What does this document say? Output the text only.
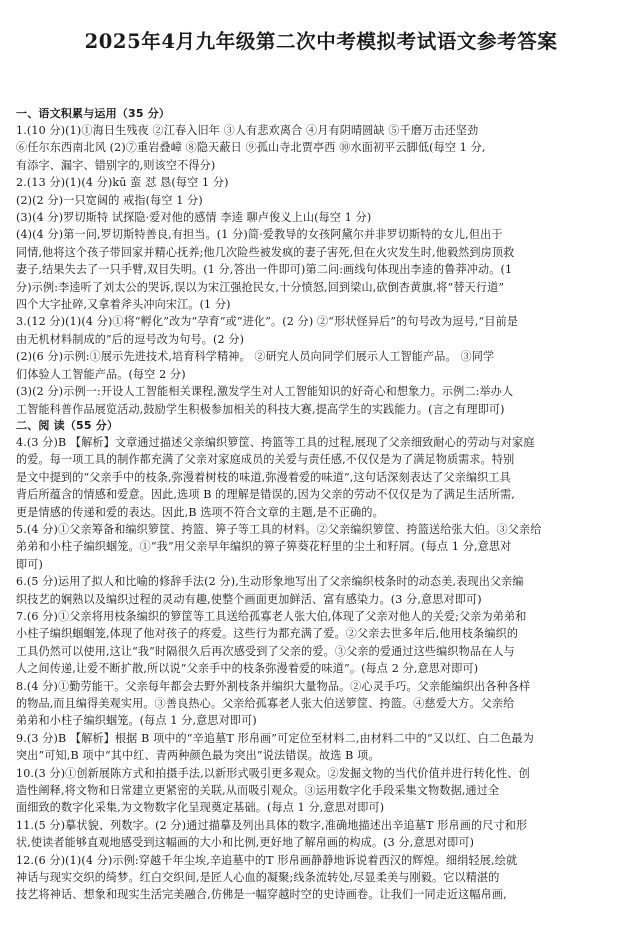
2025年4月九年级第二次中考模拟考试语文参考答案
一、语文积累与运用（35 分）
1.(10 分)(1)①海日生残夜 ②江春入旧年 ③人有悲欢离合 ④月有阴晴圆缺 ⑤千磨万击还坚劲
⑥任尔东西南北风 (2)⑦重岩叠嶂 ⑧隐天蔽日 ⑨孤山寺北贾亭西 ⑩水面初平云脚低(每空 1 分,
有添字、漏字、错别字的,则该空不得分)
2.(13 分)(1)(4 分)kū 蛮 怼 恳(每空 1 分)
(2)(2 分)一只宽阔的 戒指(每空 1 分)
(3)(4 分)罗切斯特 试探隐·爱对他的感情 李逵 聊卢俊义上山(每空 1 分)
(4)(4 分)第一问,罗切斯特善良,有担当。(1 分)简·爱教导的女孩阿黛尔并非罗切斯特的女儿,但出于
同情,他将这个孩子带回家并精心抚养;他几次险些被发疯的妻子害死,但在火灾发生时,他毅然到房顶救
妻子,结果失去了一只手臂,双目失明。(1 分,答出一件即可)第二问:画线句体现出李逵的鲁莽冲动。(1
分)示例:李逵听了刘太公的哭诉,误以为宋江强抢民女,十分愤怒,回到梁山,砍倒杏黄旗,将“替天行道”
四个大字扯碎,又拿着斧头冲向宋江。(1 分)
3.(12 分)(1)(4 分)①将“孵化”改为“孕育”或“进化”。(2 分) ②“形状怪异后”的句号改为逗号,“目前是
由无机材料制成的”后的逗号改为句号。(2 分)
(2)(6 分)示例:①展示先进技术,培育科学精神。 ②研究人员向同学们展示人工智能产品。 ③同学
们体验人工智能产品。(每空 2 分)
(3)(2 分)示例一:开设人工智能相关课程,激发学生对人工智能知识的好奇心和想象力。示例二:举办人
工智能科普作品展览活动,鼓励学生积极参加相关的科技大赛,提高学生的实践能力。(言之有理即可)
二、阅 读（55 分）
4.(3 分)B 【解析】文章通过描述父亲编织箩筐、挎篮等工具的过程,展现了父亲细致耐心的劳动与对家庭
的爱。每一项工具的制作都充满了父亲对家庭成员的关爱与责任感,不仅仅是为了满足物质需求。特别
是文中提到的“父亲手中的枝条,弥漫着树枝的味道,弥漫着爱的味道”,这句话深刻表达了父亲编织工具
背后所蕴含的情感和爱意。因此,选项 B 的理解是错误的,因为父亲的劳动不仅仅是为了满足生活所需,
更是情感的传递和爱的表达。因此,B 选项不符合文章的主题,是不正确的。
5.(4 分)①父亲筹备和编织箩筐、挎篮、箅子等工具的材料。②父亲编织箩筐、挎篮送给张大伯。③父亲给
弟弟和小柱子编织蝈笼。①“我”用父亲早年编织的箅子箅葵花籽里的尘土和籽屑。(每点 1 分,意思对
即可)
6.(5 分)运用了拟人和比喻的修辞手法(2 分),生动形象地写出了父亲编织枝条时的动态美,表现出父亲编
织技艺的娴熟以及编织过程的灵动有趣,使整个画面更加鲜活、富有感染力。(3 分,意思对即可)
7.(6 分)①父亲将用枝条编织的箩筐等工具送给孤寡老人张大伯,体现了父亲对他人的关爱;父亲为弟弟和
小柱子编织蝈蝈笼,体现了他对孩子的疼爱。这些行为都充满了爱。②父亲去世多年后,他用枝条编织的
工具仍然可以使用,这让“我”时隔很久后再次感受到了父亲的爱。③父亲的爱通过这些编织物品在人与
人之间传递,让爱不断扩散,所以说“父亲手中的枝条弥漫着爱的味道”。(每点 2 分,意思对即可)
8.(4 分)①勤劳能干。父亲每年都会去野外割枝条并编织大量物品。②心灵手巧。父亲能编织出各种各样
的物品,而且编得美观实用。③善良热心。父亲给孤寡老人张大伯送箩筐、挎篮。④慈爱大方。父亲给
弟弟和小柱子编织蝈笼。(每点 1 分,意思对即可)
9.(3 分)B 【解析】根据 B 项中的“辛追墓T 形帛画”可定位至材料二,由材料二中的“又以红、白二色最为
突出”可知,B 项中“其中红、青两种颜色最为突出”说法错误。故选 B 项。
10.(3 分)①创新展陈方式和拍摄手法,以新形式吸引更多观众。②发掘文物的当代价值并进行转化性、创
造性阐释,将文物和日常建立更紧密的关联,从而吸引观众。③运用数字化手段采集文物数据,通过全
面细致的数字化采集,为文物数字化呈现奠定基础。(每点 1 分,意思对即可)
11.(5 分)摹状貌、列数字。(2 分)通过描摹及列出具体的数字,准确地描述出辛追墓T 形帛画的尺寸和形
状,使读者能够直观地感受到这幅画的大小和比例,更好地了解帛画的构成。(3 分,意思对即可)
12.(6 分)(1)(4 分)示例:穿越千年尘埃,辛追墓中的T 形帛画静静地诉说着西汉的辉煌。细绢轻展,绘就
神话与现实交织的绮梦。红白交织间,是匠人心血的凝聚;线条流转处,尽显柔美与刚毅。它以精湛的
技艺将神话、想象和现实生活完美融合,仿佛是一幅穿越时空的史诗画卷。让我们一同走近这幅帛画,
